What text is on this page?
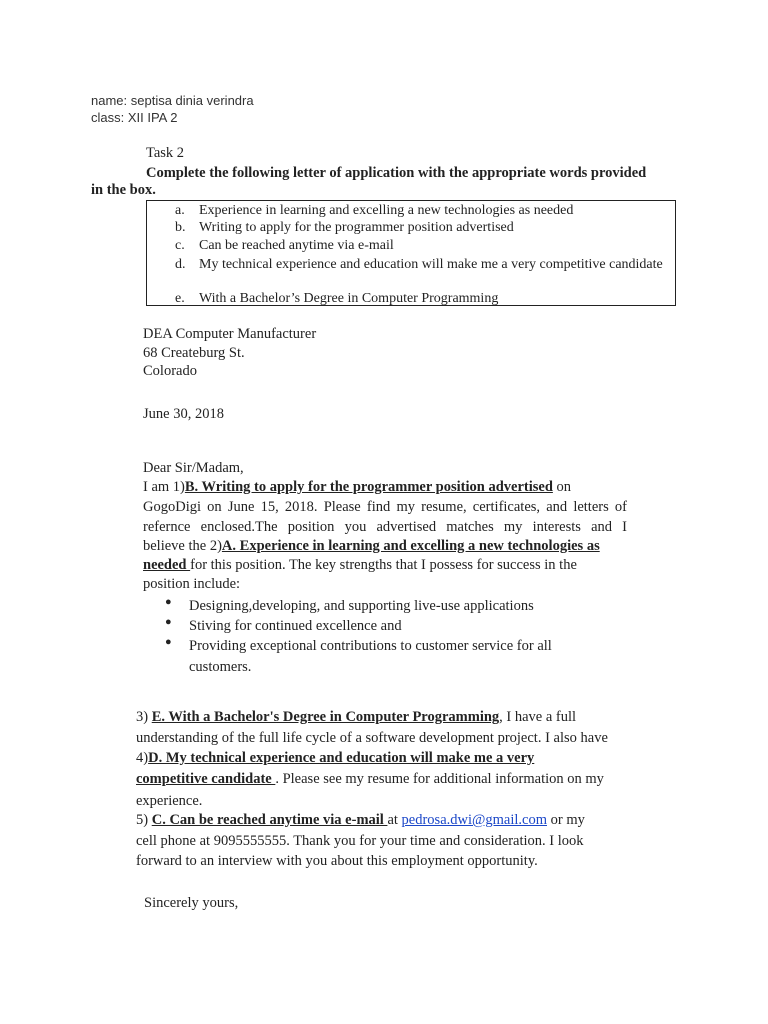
name: septisa dinia verindra
class: XII IPA 2
Task 2
Complete the following letter of application with the appropriate words provided
in the box.
a. Experience in learning and excelling a new technologies as needed
b. Writing to apply for the programmer position advertised
c. Can be reached anytime via e-mail
d. My technical experience and education will make me a very competitive candidate
e. With a Bachelor’s Degree in Computer Programming
DEA Computer Manufacturer
68 Createburg St.
Colorado
June 30, 2018
Dear Sir/Madam,
I am 1)B. Writing to apply for the programmer position advertised on
GogoDigi on June 15, 2018. Please find my resume, certificates, and letters of
refernce enclosed.The position you advertised matches my interests and I
believe the 2)A. Experience in learning and excelling a new technologies as
needed for this position. The key strengths that I possess for success in the
position include:
● Designing,developing, and supporting live-use applications
● Stiving for continued excellence and
● Providing exceptional contributions to customer service for all customers.
3) E. With a Bachelor's Degree in Computer Programming, I have a full
understanding of the full life cycle of a software development project. I also have
4)D. My technical experience and education will make me a very
competitive candidate . Please see my resume for additional information on my
experience.
5) C. Can be reached anytime via e-mail at pedrosa.dwi@gmail.com or my
cell phone at 9095555555. Thank you for your time and consideration. I look
forward to an interview with you about this employment opportunity.
Sincerely yours,
